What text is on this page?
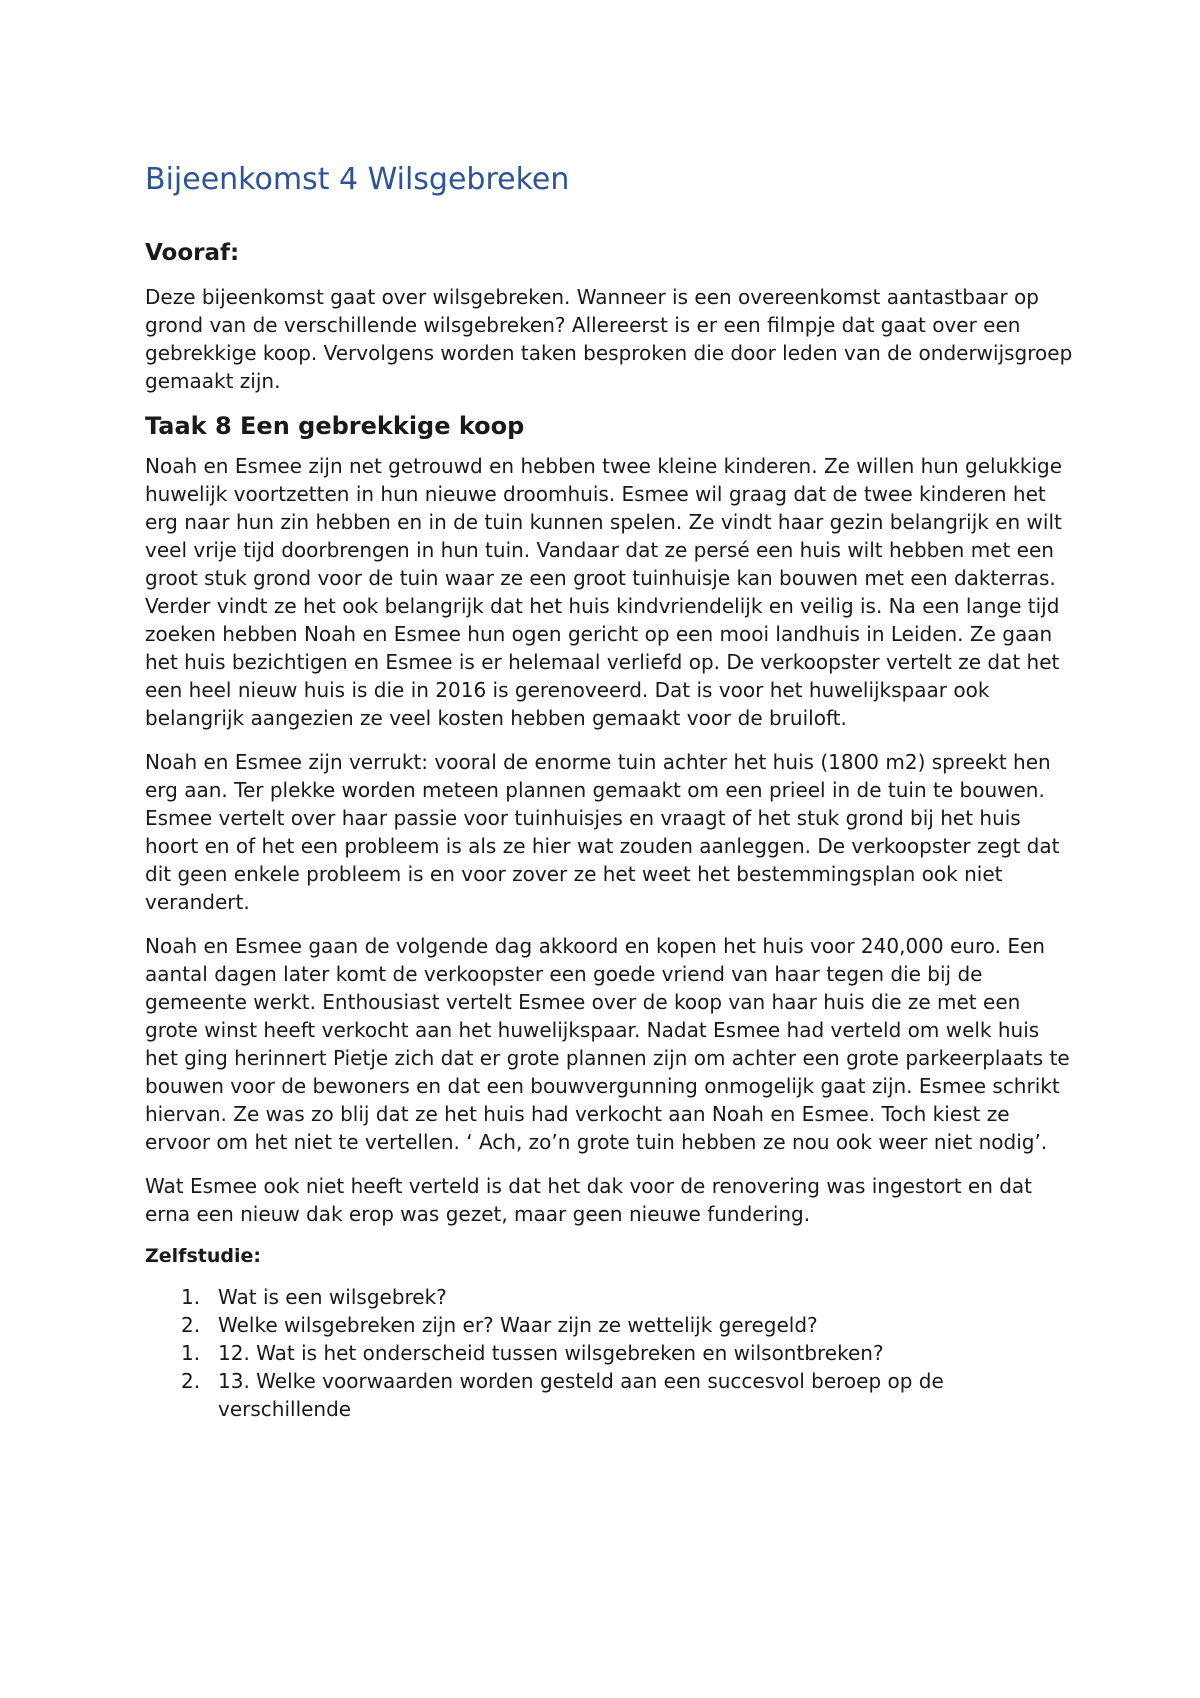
Bijeenkomst 4 Wilsgebreken
Vooraf:

Deze bijeenkomst gaat over wilsgebreken. Wanneer is een overeenkomst aantastbaar op grond van de verschillende wilsgebreken? Allereerst is er een filmpje dat gaat over een gebrekkige koop. Vervolgens worden taken besproken die door leden van de onderwijsgroep gemaakt zijn.

Taak 8 Een gebrekkige koop

Noah en Esmee zijn net getrouwd en hebben twee kleine kinderen. Ze willen hun gelukkige huwelijk voortzetten in hun nieuwe droomhuis. Esmee wil graag dat de twee kinderen het erg naar hun zin hebben en in de tuin kunnen spelen. Ze vindt haar gezin belangrijk en wilt veel vrije tijd doorbrengen in hun tuin. Vandaar dat ze persé een huis wilt hebben met een groot stuk grond voor de tuin waar ze een groot tuinhuisje kan bouwen met een dakterras. Verder vindt ze het ook belangrijk dat het huis kindvriendelijk en veilig is. Na een lange tijd zoeken hebben Noah en Esmee hun ogen gericht op een mooi landhuis in Leiden. Ze gaan het huis bezichtigen en Esmee is er helemaal verliefd op. De verkoopster vertelt ze dat het een heel nieuw huis is die in 2016 is gerenoveerd. Dat is voor het huwelijkspaar ook belangrijk aangezien ze veel kosten hebben gemaakt voor de bruiloft.

Noah en Esmee zijn verrukt: vooral de enorme tuin achter het huis (1800 m2) spreekt hen erg aan. Ter plekke worden meteen plannen gemaakt om een prieel in de tuin te bouwen. Esmee vertelt over haar passie voor tuinhuisjes en vraagt of het stuk grond bij het huis hoort en of het een probleem is als ze hier wat zouden aanleggen. De verkoopster zegt dat dit geen enkele probleem is en voor zover ze het weet het bestemmingsplan ook niet verandert.

Noah en Esmee gaan de volgende dag akkoord en kopen het huis voor 240,000 euro. Een aantal dagen later komt de verkoopster een goede vriend van haar tegen die bij de gemeente werkt. Enthousiast vertelt Esmee over de koop van haar huis die ze met een grote winst heeft verkocht aan het huwelijkspaar. Nadat Esmee had verteld om welk huis het ging herinnert Pietje zich dat er grote plannen zijn om achter een grote parkeerplaats te bouwen voor de bewoners en dat een bouwvergunning onmogelijk gaat zijn. Esmee schrikt hiervan. Ze was zo blij dat ze het huis had verkocht aan Noah en Esmee. Toch kiest ze ervoor om het niet te vertellen. ‘ Ach, zo’n grote tuin hebben ze nou ook weer niet nodig’.

Wat Esmee ook niet heeft verteld is dat het dak voor de renovering was ingestort en dat erna een nieuw dak erop was gezet, maar geen nieuwe fundering.

Zelfstudie:
1. Wat is een wilsgebrek?
2. Welke wilsgebreken zijn er? Waar zijn ze wettelijk geregeld?
1. 12. Wat is het onderscheid tussen wilsgebreken en wilsontbreken?
2. 13. Welke voorwaarden worden gesteld aan een succesvol beroep op de verschillende
